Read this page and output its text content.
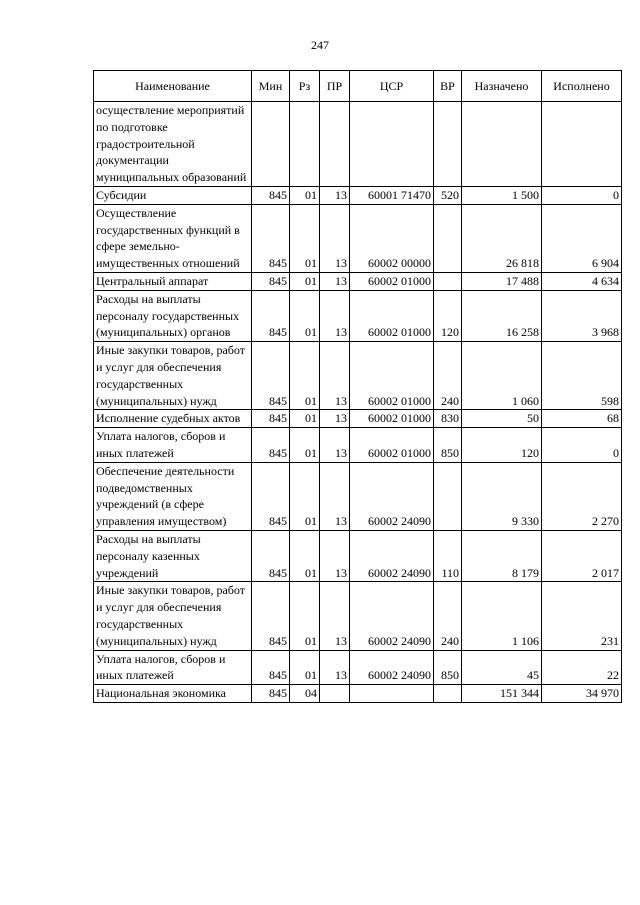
247
Наименование	Мин	Рз	ПР	ЦСР	ВР	Назначено	Исполнено
осуществление мероприятий по подготовке градостроительной документации муниципальных образований							
Субсидии	845	01	13	60001 71470	520	1 500	0
Осуществление государственных функций в сфере земельно-имущественных отношений	845	01	13	60002 00000		26 818	6 904
Центральный аппарат	845	01	13	60002 01000		17 488	4 634
Расходы на выплаты персоналу государственных (муниципальных) органов	845	01	13	60002 01000	120	16 258	3 968
Иные закупки товаров, работ и услуг для обеспечения государственных (муниципальных) нужд	845	01	13	60002 01000	240	1 060	598
Исполнение судебных актов	845	01	13	60002 01000	830	50	68
Уплата налогов, сборов и иных платежей	845	01	13	60002 01000	850	120	0
Обеспечение деятельности подведомственных учреждений (в сфере управления имуществом)	845	01	13	60002 24090		9 330	2 270
Расходы на выплаты персоналу казенных учреждений	845	01	13	60002 24090	110	8 179	2 017
Иные закупки товаров, работ и услуг для обеспечения государственных (муниципальных) нужд	845	01	13	60002 24090	240	1 106	231
Уплата налогов, сборов и иных платежей	845	01	13	60002 24090	850	45	22
Национальная экономика	845	04				151 344	34 970
